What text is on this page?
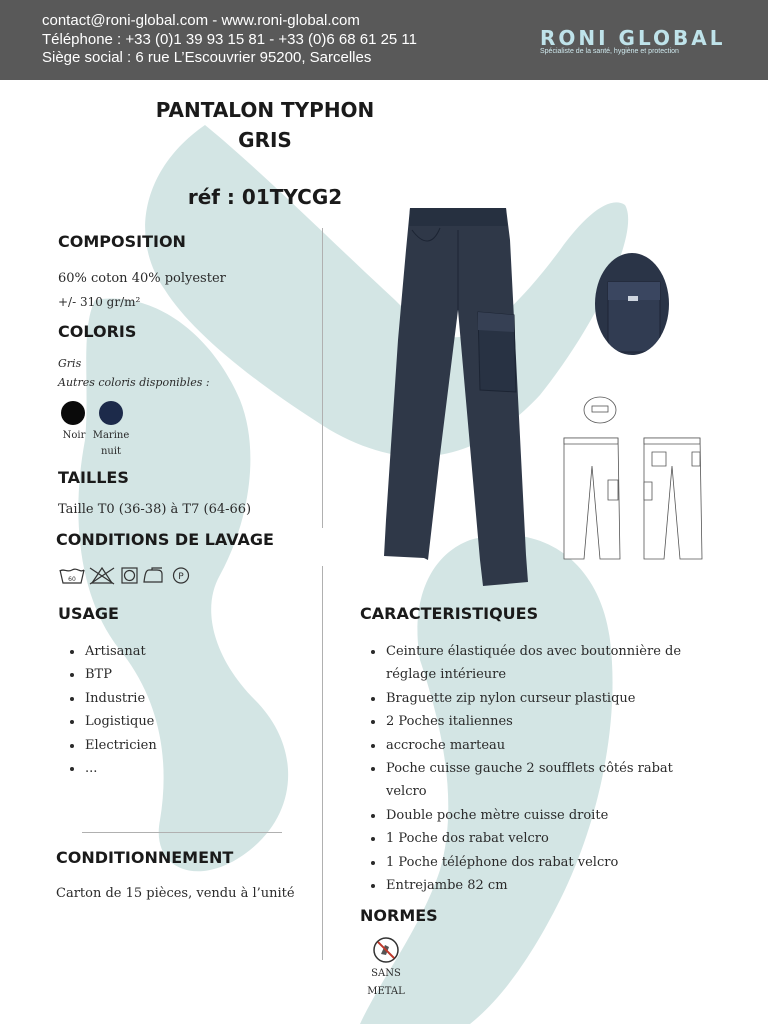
contact@roni-global.com - www.roni-global.com
Téléphone : +33 (0)1 39 93 15 81 - +33 (0)6 68 61 25 11
Siège social : 6 rue L’Escouvrier 95200, Sarcelles
RONI GLOBAL
Spécialiste de la santé, hygiène et protection
PANTALON TYPHON
GRIS
réf : 01TYCG2
COMPOSITION
60% coton 40% polyester
+/- 310 gr/m²
COLORIS
Gris
Autres coloris disponibles :
Noir Marine
nuit
TAILLES
Taille T0 (36-38) à T7 (64-66)
CONDITIONS DE LAVAGE
60	P
USAGE
Artisanat
BTP
Industrie
Logistique
Electricien
...
CONDITIONNEMENT
Carton de 15 pièces, vendu à l’unité
CARACTERISTIQUES
Ceinture élastiquée dos avec boutonnière de
réglage intérieure
Braguette zip nylon curseur plastique
2 Poches italiennes
accroche marteau
Poche cuisse gauche 2 soufflets côtés rabat
velcro
Double poche mètre cuisse droite
1 Poche dos rabat velcro
1 Poche téléphone dos rabat velcro
Entrejambe 82 cm
NORMES
SANS
METAL
